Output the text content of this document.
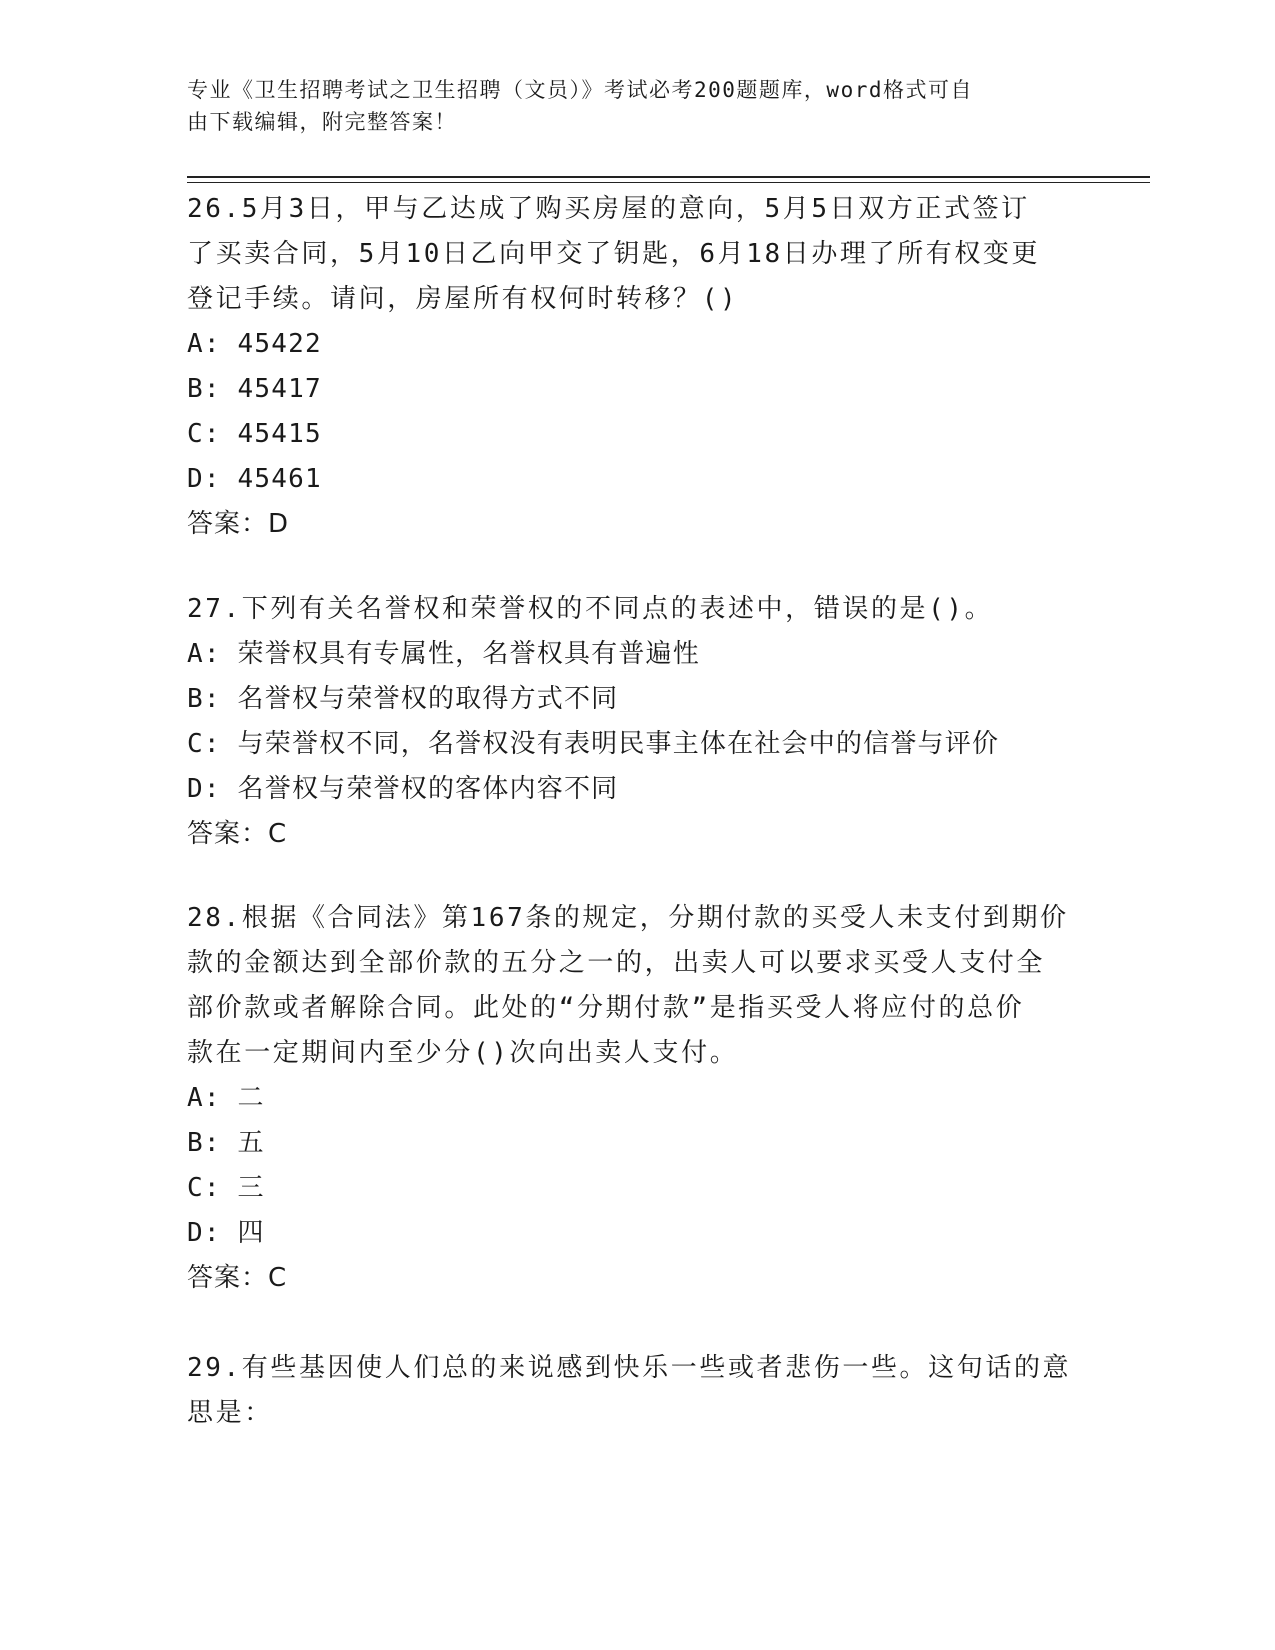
专业《卫生招聘考试之卫生招聘（文员）》考试必考200题题库，word格式可自
由下载编辑，附完整答案！
26.5月3日，甲与乙达成了购买房屋的意向，5月5日双方正式签订
了买卖合同，5月10日乙向甲交了钥匙，6月18日办理了所有权变更
登记手续。请问，房屋所有权何时转移？()
A: 45422
B: 45417
C: 45415
D: 45461
答案：D
27.下列有关名誉权和荣誉权的不同点的表述中，错误的是()。
A: 荣誉权具有专属性，名誉权具有普遍性
B: 名誉权与荣誉权的取得方式不同
C: 与荣誉权不同，名誉权没有表明民事主体在社会中的信誉与评价
D: 名誉权与荣誉权的客体内容不同
答案：C
28.根据《合同法》第167条的规定，分期付款的买受人未支付到期价
款的金额达到全部价款的五分之一的，出卖人可以要求买受人支付全
部价款或者解除合同。此处的“分期付款”是指买受人将应付的总价
款在一定期间内至少分()次向出卖人支付。
A: 二
B: 五
C: 三
D: 四
答案：C
29.有些基因使人们总的来说感到快乐一些或者悲伤一些。这句话的意
思是：
